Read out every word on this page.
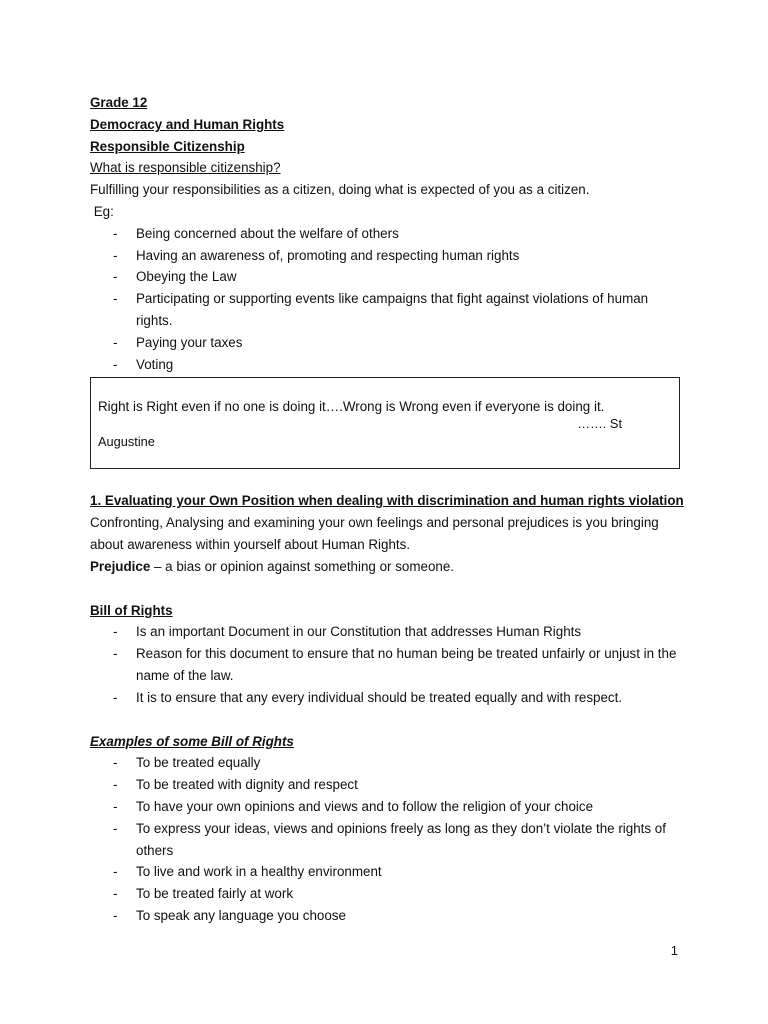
Grade 12
Democracy and Human Rights
Responsible Citizenship
What is responsible citizenship?
Fulfilling your responsibilities as a citizen, doing what is expected of you as a citizen.
Eg:
- Being concerned about the welfare of others
- Having an awareness of, promoting and respecting human rights
- Obeying the Law
- Participating or supporting events like campaigns that fight against violations of human rights.
- Paying your taxes
- Voting
Right is Right even if no one is doing it….Wrong is Wrong even if everyone is doing it.
……. St
Augustine
1. Evaluating your Own Position when dealing with discrimination and human rights violation
Confronting, Analysing and examining your own feelings and personal prejudices is you bringing about awareness within yourself about Human Rights.
Prejudice – a bias or opinion against something or someone.
Bill of Rights
- Is an important Document in our Constitution that addresses Human Rights
- Reason for this document to ensure that no human being be treated unfairly or unjust in the name of the law.
- It is to ensure that any every individual should be treated equally and with respect.
Examples of some Bill of Rights
- To be treated equally
- To be treated with dignity and respect
- To have your own opinions and views and to follow the religion of your choice
- To express your ideas, views and opinions freely as long as they don’t violate the rights of others
- To live and work in a healthy environment
- To be treated fairly at work
- To speak any language you choose
1
